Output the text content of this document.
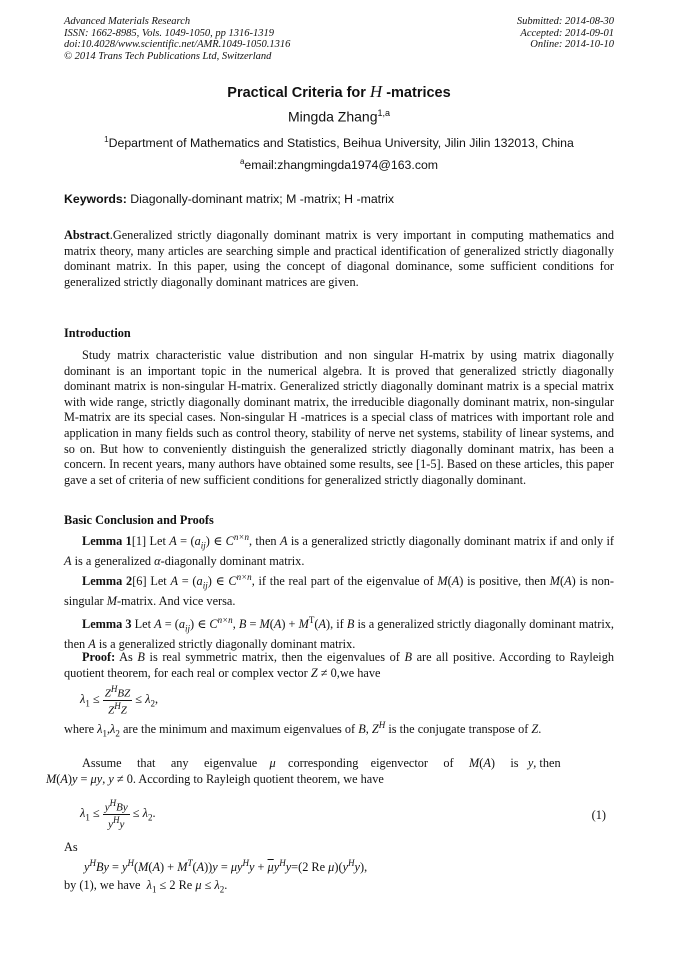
Advanced Materials Research
ISSN: 1662-8985, Vols. 1049-1050, pp 1316-1319
doi:10.4028/www.scientific.net/AMR.1049-1050.1316
© 2014 Trans Tech Publications Ltd, Switzerland
Submitted: 2014-08-30
Accepted: 2014-09-01
Online: 2014-10-10
Practical Criteria for H -matrices
Mingda Zhang$^{1,a}$
$^1$Department of Mathematics and Statistics, Beihua University, Jilin Jilin 132013, China
$^a$email:zhangmingda1974@163.com
Keywords: Diagonally-dominant matrix; M -matrix; H -matrix
Abstract.Generalized strictly diagonally dominant matrix is very important in computing mathematics and matrix theory, many articles are searching simple and practical identification of generalized strictly diagonally dominant matrix. In this paper, using the concept of diagonal dominance, some sufficient conditions for generalized strictly diagonally dominant matrices are given.
Introduction
Study matrix characteristic value distribution and non singular H-matrix by using matrix diagonally dominant is an important topic in the numerical algebra. It is proved that generalized strictly diagonally dominant matrix is non-singular H-matrix. Generalized strictly diagonally dominant matrix is a special matrix with wide range, strictly diagonally dominant matrix, the irreducible diagonally dominant matrix, non-singular M-matrix are its special cases. Non-singular H -matrices is a special class of matrices with important role and application in many fields such as control theory, stability of nerve net systems, stability of linear systems, and so on. But how to conveniently distinguish the generalized strictly diagonally dominant matrix, has been a concern. In recent years, many authors have obtained some results, see [1-5]. Based on these articles, this paper gave a set of criteria of new sufficient conditions for generalized strictly diagonally dominant.
Basic Conclusion and Proofs
Lemma 1[1] Let $A = (a_{ij})$ ∈ $C^{n\times n}$, then A is a generalized strictly diagonally dominant matrix if and only if A is a generalized α-diagonally dominant matrix.
Lemma 2[6] Let $A = (a_{ij})$ ∈ $C^{n\times n}$, if the real part of the eigenvalue of M(A) is positive, then M(A) is non-singular M-matrix. And vice versa.
Lemma 3 Let $A = (a_{ij})$ ∈ $C^{n\times n}$, $B = M(A) + M^T(A)$, if B is a generalized strictly diagonally dominant matrix, then A is a generalized strictly diagonally dominant matrix.
Proof: As B is real symmetric matrix, then the eigenvalues of B are all positive. According to Rayleigh quotient theorem, for each real or complex vector Z ≠ 0,we have
$\lambda_1 \le \frac{Z^HBZ}{Z^HZ} \le \lambda_2$,
where $\lambda_1,\lambda_2$ are the minimum and maximum eigenvalues of B, $Z^H$ is the conjugate transpose of Z.
Assume that any eigenvalue μ corresponding eigenvector of M(A)     is y, then
M(A)y = μy, y ≠ 0. According to Rayleigh quotient theorem, we have
$\lambda_1 \le \frac{y^HBy}{y^Hy} \le \lambda_2$.	(1)
As
$y^HBy = y^H(M(A) + M^T(A))y = \mu y^Hy + \overline{\mu}y^Hy=(2$ Re $\mu)(y^Hy)$,
by (1), we have $\lambda_1 \le 2$ Re $\mu \le \lambda_2$.
